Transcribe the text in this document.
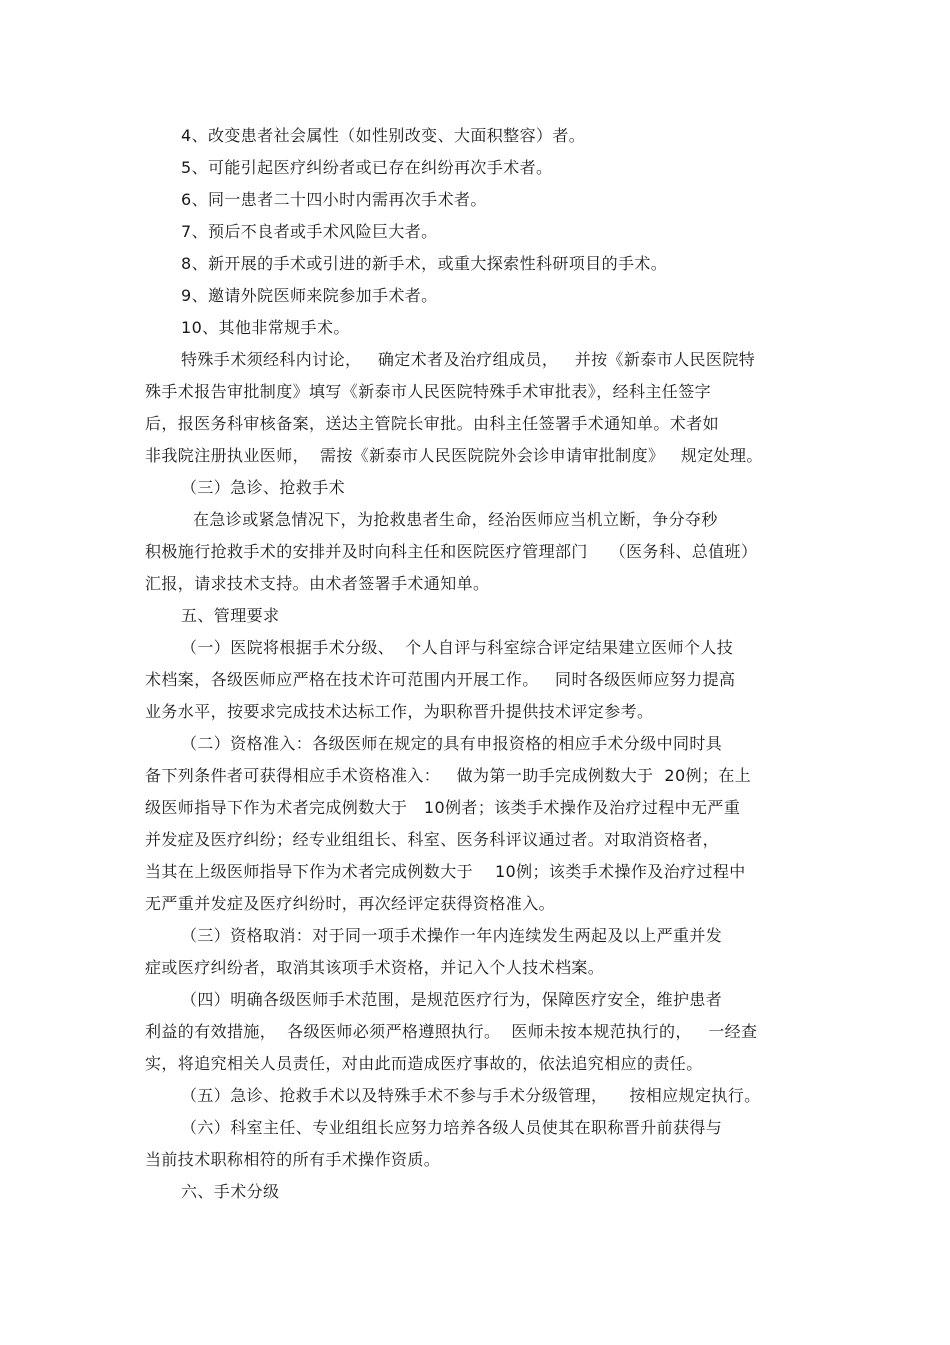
4、改变患者社会属性（如性别改变、大面积整容）者。
5、可能引起医疗纠纷者或已存在纠纷再次手术者。
6、同一患者二十四小时内需再次手术者。
7、预后不良者或手术风险巨大者。
8、新开展的手术或引进的新手术，或重大探索性科研项目的手术。
9、邀请外院医师来院参加手术者。
10、其他非常规手术。
特殊手术须经科内讨论，   确定术者及治疗组成员，   并按《新泰市人民医院特
殊手术报告审批制度》填写《新泰市人民医院特殊手术审批表》，经科主任签字
后，报医务科审核备案，送达主管院长审批。由科主任签署手术通知单。术者如
非我院注册执业医师，  需按《新泰市人民医院院外会诊申请审批制度》   规定处理。
（三）急诊、抢救手术
在急诊或紧急情况下，为抢救患者生命，经治医师应当机立断，争分夺秒
积极施行抢救手术的安排并及时向科主任和医院医疗管理部门    （医务科、总值班）
汇报，请求技术支持。由术者签署手术通知单。
五、管理要求
（一）医院将根据手术分级、  个人自评与科室综合评定结果建立医师个人技
术档案，各级医师应严格在技术许可范围内开展工作。   同时各级医师应努力提高
业务水平，按要求完成技术达标工作，为职称晋升提供技术评定参考。
（二）资格准入：各级医师在规定的具有申报资格的相应手术分级中同时具
备下列条件者可获得相应手术资格准入：   做为第一助手完成例数大于  20例；在上
级医师指导下作为术者完成例数大于   10例者；该类手术操作及治疗过程中无严重
并发症及医疗纠纷；经专业组组长、科室、医务科评议通过者。对取消资格者，
当其在上级医师指导下作为术者完成例数大于    10例；该类手术操作及治疗过程中
无严重并发症及医疗纠纷时，再次经评定获得资格准入。
（三）资格取消：对于同一项手术操作一年内连续发生两起及以上严重并发
症或医疗纠纷者，取消其该项手术资格，并记入个人技术档案。
（四）明确各级医师手术范围，是规范医疗行为，保障医疗安全，维护患者
利益的有效措施，  各级医师必须严格遵照执行。  医师未按本规范执行的，   一经查
实，将追究相关人员责任，对由此而造成医疗事故的，依法追究相应的责任。
（五）急诊、抢救手术以及特殊手术不参与手术分级管理，    按相应规定执行。
（六）科室主任、专业组组长应努力培养各级人员使其在职称晋升前获得与
当前技术职称相符的所有手术操作资质。
六、手术分级
